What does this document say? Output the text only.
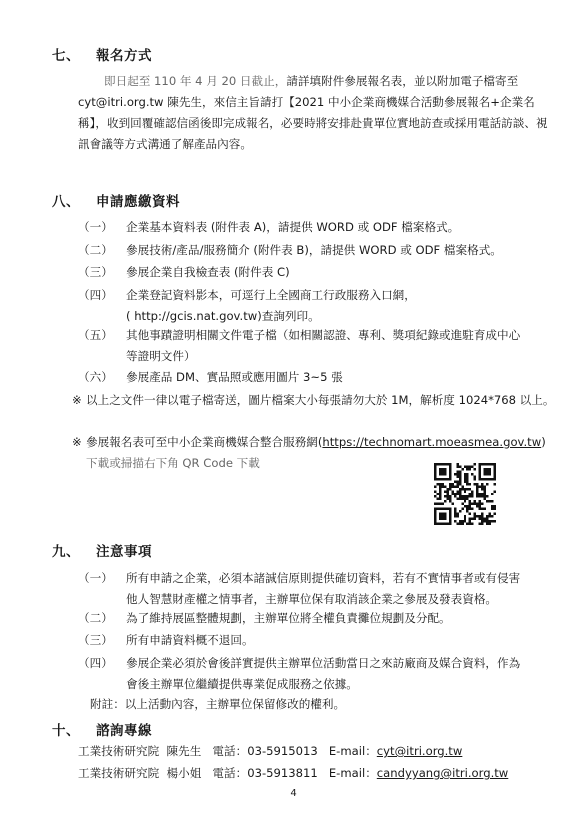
七、 報名方式
即日起至 110 年 4 月 20 日截止，請詳填附件參展報名表，並以附加電子檔寄至
cyt@itri.org.tw 陳先生，來信主旨請打【2021 中小企業商機媒合活動參展報名+企業名稱】，收到回覆確認信函後即完成報名，必要時將安排赴貴單位實地訪查或採用電話訪談、視訊會議等方式溝通了解產品內容。
八、 申請應繳資料
（一） 企業基本資料表 (附件表 A)，請提供 WORD 或 ODF 檔案格式。
（二） 參展技術/產品/服務簡介 (附件表 B)，請提供 WORD 或 ODF 檔案格式。
（三） 參展企業自我檢查表 (附件表 C)
（四） 企業登記資料影本，可逕行上全國商工行政服務入口網，
( http://gcis.nat.gov.tw)查詢列印。
（五） 其他事蹟證明相關文件電子檔（如相關認證、專利、獎項紀錄或進駐育成中心
等證明文件）
（六） 參展產品 DM、實品照或應用圖片 3~5 張
※ 以上之文件一律以電子檔寄送，圖片檔案大小每張請勿大於 1M，解析度 1024*768 以上。
※ 參展報名表可至中小企業商機媒合整合服務網(https://technomart.moeasmea.gov.tw)
下載或掃描右下角 QR Code 下載
九、 注意事項
（一） 所有申請之企業，必須本諸誠信原則提供確切資料，若有不實情事者或有侵害
他人智慧財產權之情事者，主辦單位保有取消該企業之參展及發表資格。
（二） 為了維持展區整體規劃，主辦單位將全權負責攤位規劃及分配。
（三） 所有申請資料概不退回。
（四） 參展企業必須於會後詳實提供主辦單位活動當日之來訪廠商及媒合資料，作為
會後主辦單位繼續提供專業促成服務之依據。
附註：以上活動內容，主辦單位保留修改的權利。
十、 諮詢專線
工業技術研究院 陳先生 電話：03-5915013 E-mail：cyt@itri.org.tw
工業技術研究院 楊小姐 電話：03-5913811 E-mail：candyyang@itri.org.tw
4
